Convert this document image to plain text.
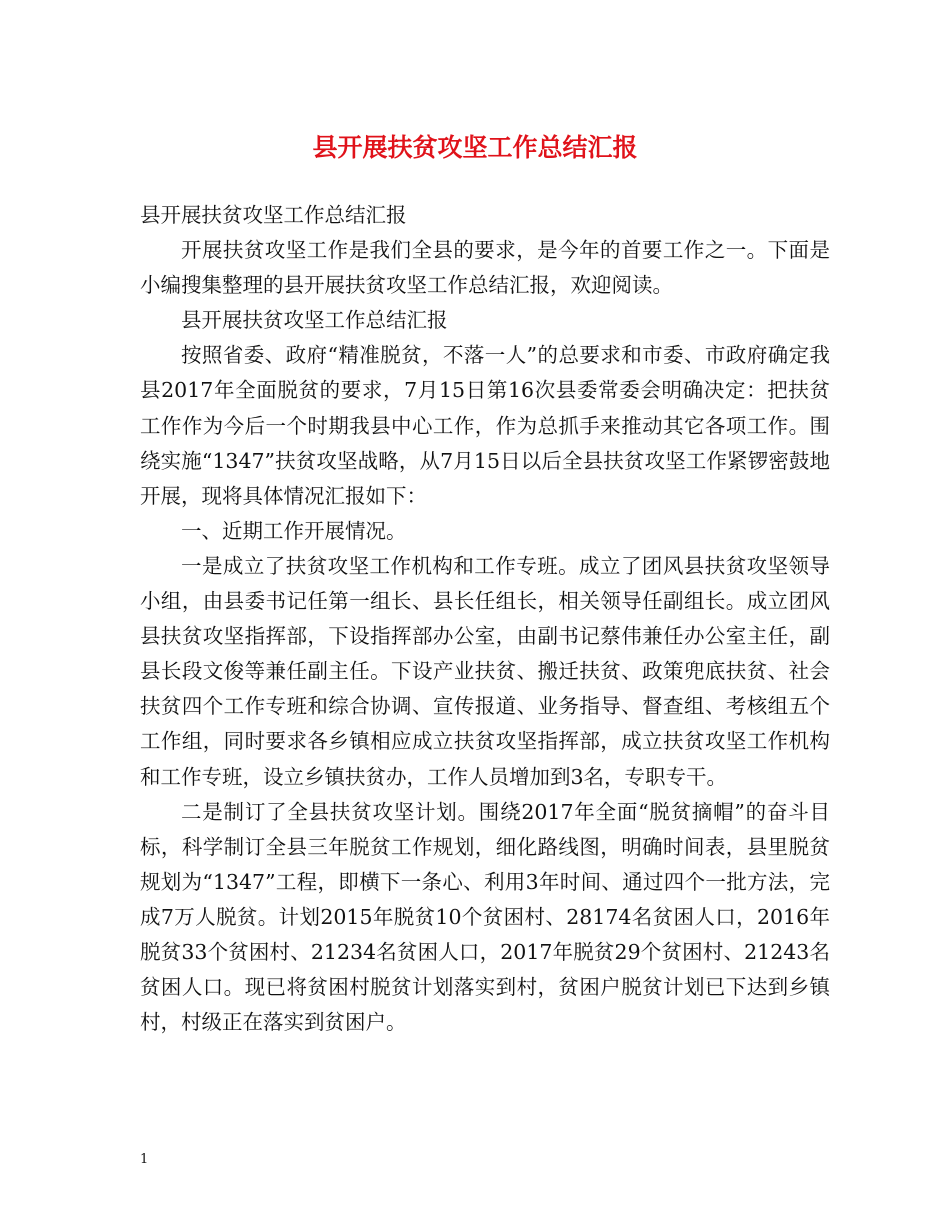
县开展扶贫攻坚工作总结汇报

县开展扶贫攻坚工作总结汇报

开展扶贫攻坚工作是我们全县的要求，是今年的首要工作之一。下面是小编搜集整理的县开展扶贫攻坚工作总结汇报，欢迎阅读。

县开展扶贫攻坚工作总结汇报

按照省委、政府“精准脱贫，不落一人”的总要求和市委、市政府确定我县2017年全面脱贫的要求，7月15日第16次县委常委会明确决定：把扶贫工作作为今后一个时期我县中心工作，作为总抓手来推动其它各项工作。围绕实施“1347”扶贫攻坚战略，从7月15日以后全县扶贫攻坚工作紧锣密鼓地开展，现将具体情况汇报如下：

一、近期工作开展情况。

一是成立了扶贫攻坚工作机构和工作专班。成立了团风县扶贫攻坚领导小组，由县委书记任第一组长、县长任组长，相关领导任副组长。成立团风县扶贫攻坚指挥部，下设指挥部办公室，由副书记蔡伟兼任办公室主任，副县长段文俊等兼任副主任。下设产业扶贫、搬迁扶贫、政策兜底扶贫、社会扶贫四个工作专班和综合协调、宣传报道、业务指导、督查组、考核组五个工作组，同时要求各乡镇相应成立扶贫攻坚指挥部，成立扶贫攻坚工作机构和工作专班，设立乡镇扶贫办，工作人员增加到3名，专职专干。

二是制订了全县扶贫攻坚计划。围绕2017年全面“脱贫摘帽”的奋斗目标，科学制订全县三年脱贫工作规划，细化路线图，明确时间表，县里脱贫规划为“1347”工程，即横下一条心、利用3年时间、通过四个一批方法，完成7万人脱贫。计划2015年脱贫10个贫困村、28174名贫困人口，2016年脱贫33个贫困村、21234名贫困人口，2017年脱贫29个贫困村、21243名贫困人口。现已将贫困村脱贫计划落实到村，贫困户脱贫计划已下达到乡镇村，村级正在落实到贫困户。

1
